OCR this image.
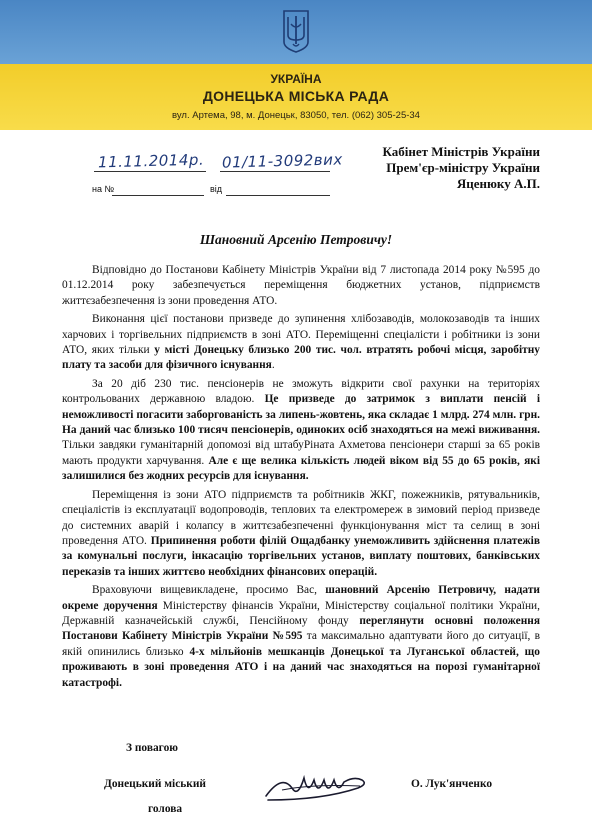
УКРАЇНА
ДОНЕЦЬКА МІСЬКА РАДА
вул. Артема, 98, м. Донецьк, 83050, тел. (062) 305-25-34
11.11.2014р. 01/11-3092вих
на №	від
Кабінет Міністрів України
Прем'єр-міністру України
Яценюку А.П.
Шановний Арсенію Петровичу!

Відповідно до Постанови Кабінету Міністрів України від 7 листопада 2014 року №595 до 01.12.2014 року забезпечується переміщення бюджетних установ, підприємств життєзабезпечення із зони проведення АТО.

Виконання цієї постанови призведе до зупинення хлібозаводів, молокозаводів та інших харчових і торгівельних підприємств в зоні АТО. Переміщенні спеціалісти і робітники із зони АТО, яких тільки у місті Донецьку близько 200 тис. чол. втратять робочі місця, заробітну плату та засоби для фізичного існування.

За 20 діб 230 тис. пенсіонерів не зможуть відкрити свої рахунки на територіях контрольованих державною владою. Це призведе до затримок з виплати пенсій і неможливості погасити заборгованість за липень-жовтень, яка складає 1 млрд. 274 млн. грн. На даний час близько 100 тисяч пенсіонерів, одиноких осіб знаходяться на межі виживання. Тільки завдяки гуманітарній допомозі від штабуРіната Ахметова пенсіонери старші за 65 років мають продукти харчування. Але є ще велика кількість людей віком від 55 до 65 років, які залишилися без жодних ресурсів для існування.

Переміщення із зони АТО підприємств та робітників ЖКГ, пожежників, рятувальників, спеціалістів із експлуатації водопроводів, теплових та електромереж в зимовий період призведе до системних аварій і колапсу в життєзабезпеченні функціонування міст та селищ в зоні проведення АТО. Припинення роботи філій Ощадбанку унеможливить здійснення платежів за комунальні послуги, інкасацію торгівельних установ, виплату поштових, банківських переказів та інших життєво необхідних фінансових операцій.

Враховуючи вищевикладене, просимо Вас, шановний Арсенію Петровичу, надати окреме доручення Міністерству фінансів України, Міністерству соціальної політики України, Державній казначейській службі, Пенсійному фонду переглянути основні положення Постанови Кабінету Міністрів України №595 та максимально адаптувати його до ситуації, в якій опинились близько 4-х мільйонів мешканців Донецької та Луганської областей, що проживають в зоні проведення АТО і на даний час знаходяться на порозі гуманітарної катастрофі.

З повагою
Донецький міський
голова
О. Лук'янченко
